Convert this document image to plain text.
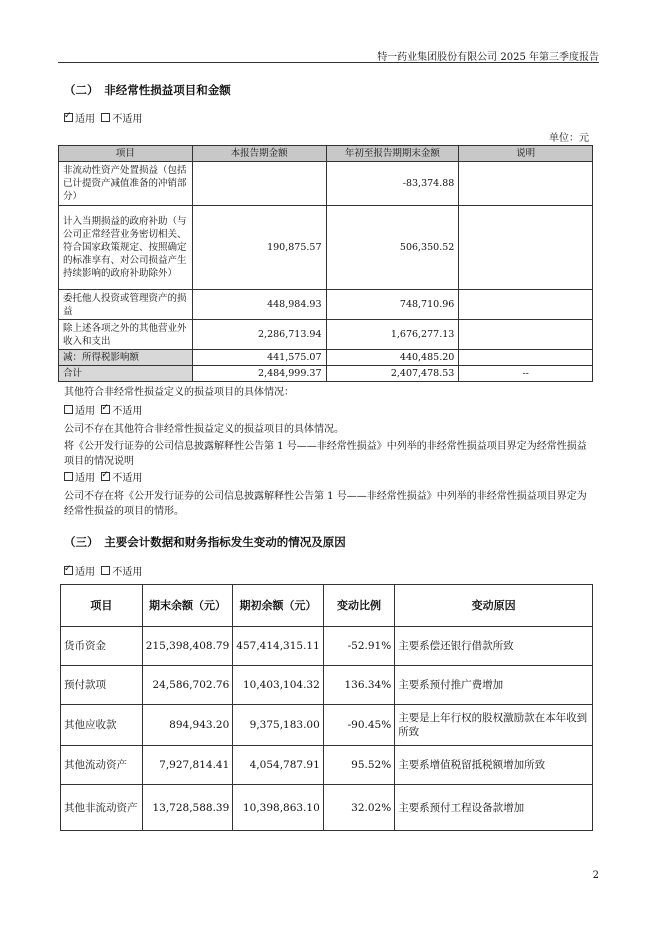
特一药业集团股份有限公司 2025 年第三季度报告
（二）　非经常性损益项目和金额
✓适用 不适用
单位：元
项目	本报告期金额	年初至报告期期末金额	说明
非流动性资产处置损益（包括已计提资产减值准备的冲销部分）		-83,374.88	
计入当期损益的政府补助（与公司正常经营业务密切相关、符合国家政策规定、按照确定的标准享有、对公司损益产生持续影响的政府补助除外）	190,875.57	506,350.52	
委托他人投资或管理资产的损益	448,984.93	748,710.96	
除上述各项之外的其他营业外收入和支出	2,286,713.94	1,676,277.13	
减：所得税影响额	441,575.07	440,485.20	
合计	2,484,999.37	2,407,478.53	--
其他符合非经常性损益定义的损益项目的具体情况：
适用 ✓ 不适用
公司不存在其他符合非经常性损益定义的损益项目的具体情况。
将《公开发行证券的公司信息披露解释性公告第 1 号——非经常性损益》中列举的非经常性损益项目界定为经常性损益项目的情况说明
适用 ✓ 不适用
公司不存在将《公开发行证券的公司信息披露解释性公告第 1 号——非经常性损益》中列举的非经常性损益项目界定为经常性损益的项目的情形。
（三）　主要会计数据和财务指标发生变动的情况及原因
✓适用 不适用
项目	期末余额（元）	期初余额（元）	变动比例	变动原因
货币资金	215,398,408.79	457,414,315.11	-52.91%	主要系偿还银行借款所致
预付款项	24,586,702.76	10,403,104.32	136.34%	主要系预付推广费增加
其他应收款	894,943.20	9,375,183.00	-90.45%	主要是上年行权的股权激励款在本年收到所致
其他流动资产	7,927,814.41	4,054,787.91	95.52%	主要系增值税留抵税额增加所致
其他非流动资产	13,728,588.39	10,398,863.10	32.02%	主要系预付工程设备款增加
2
